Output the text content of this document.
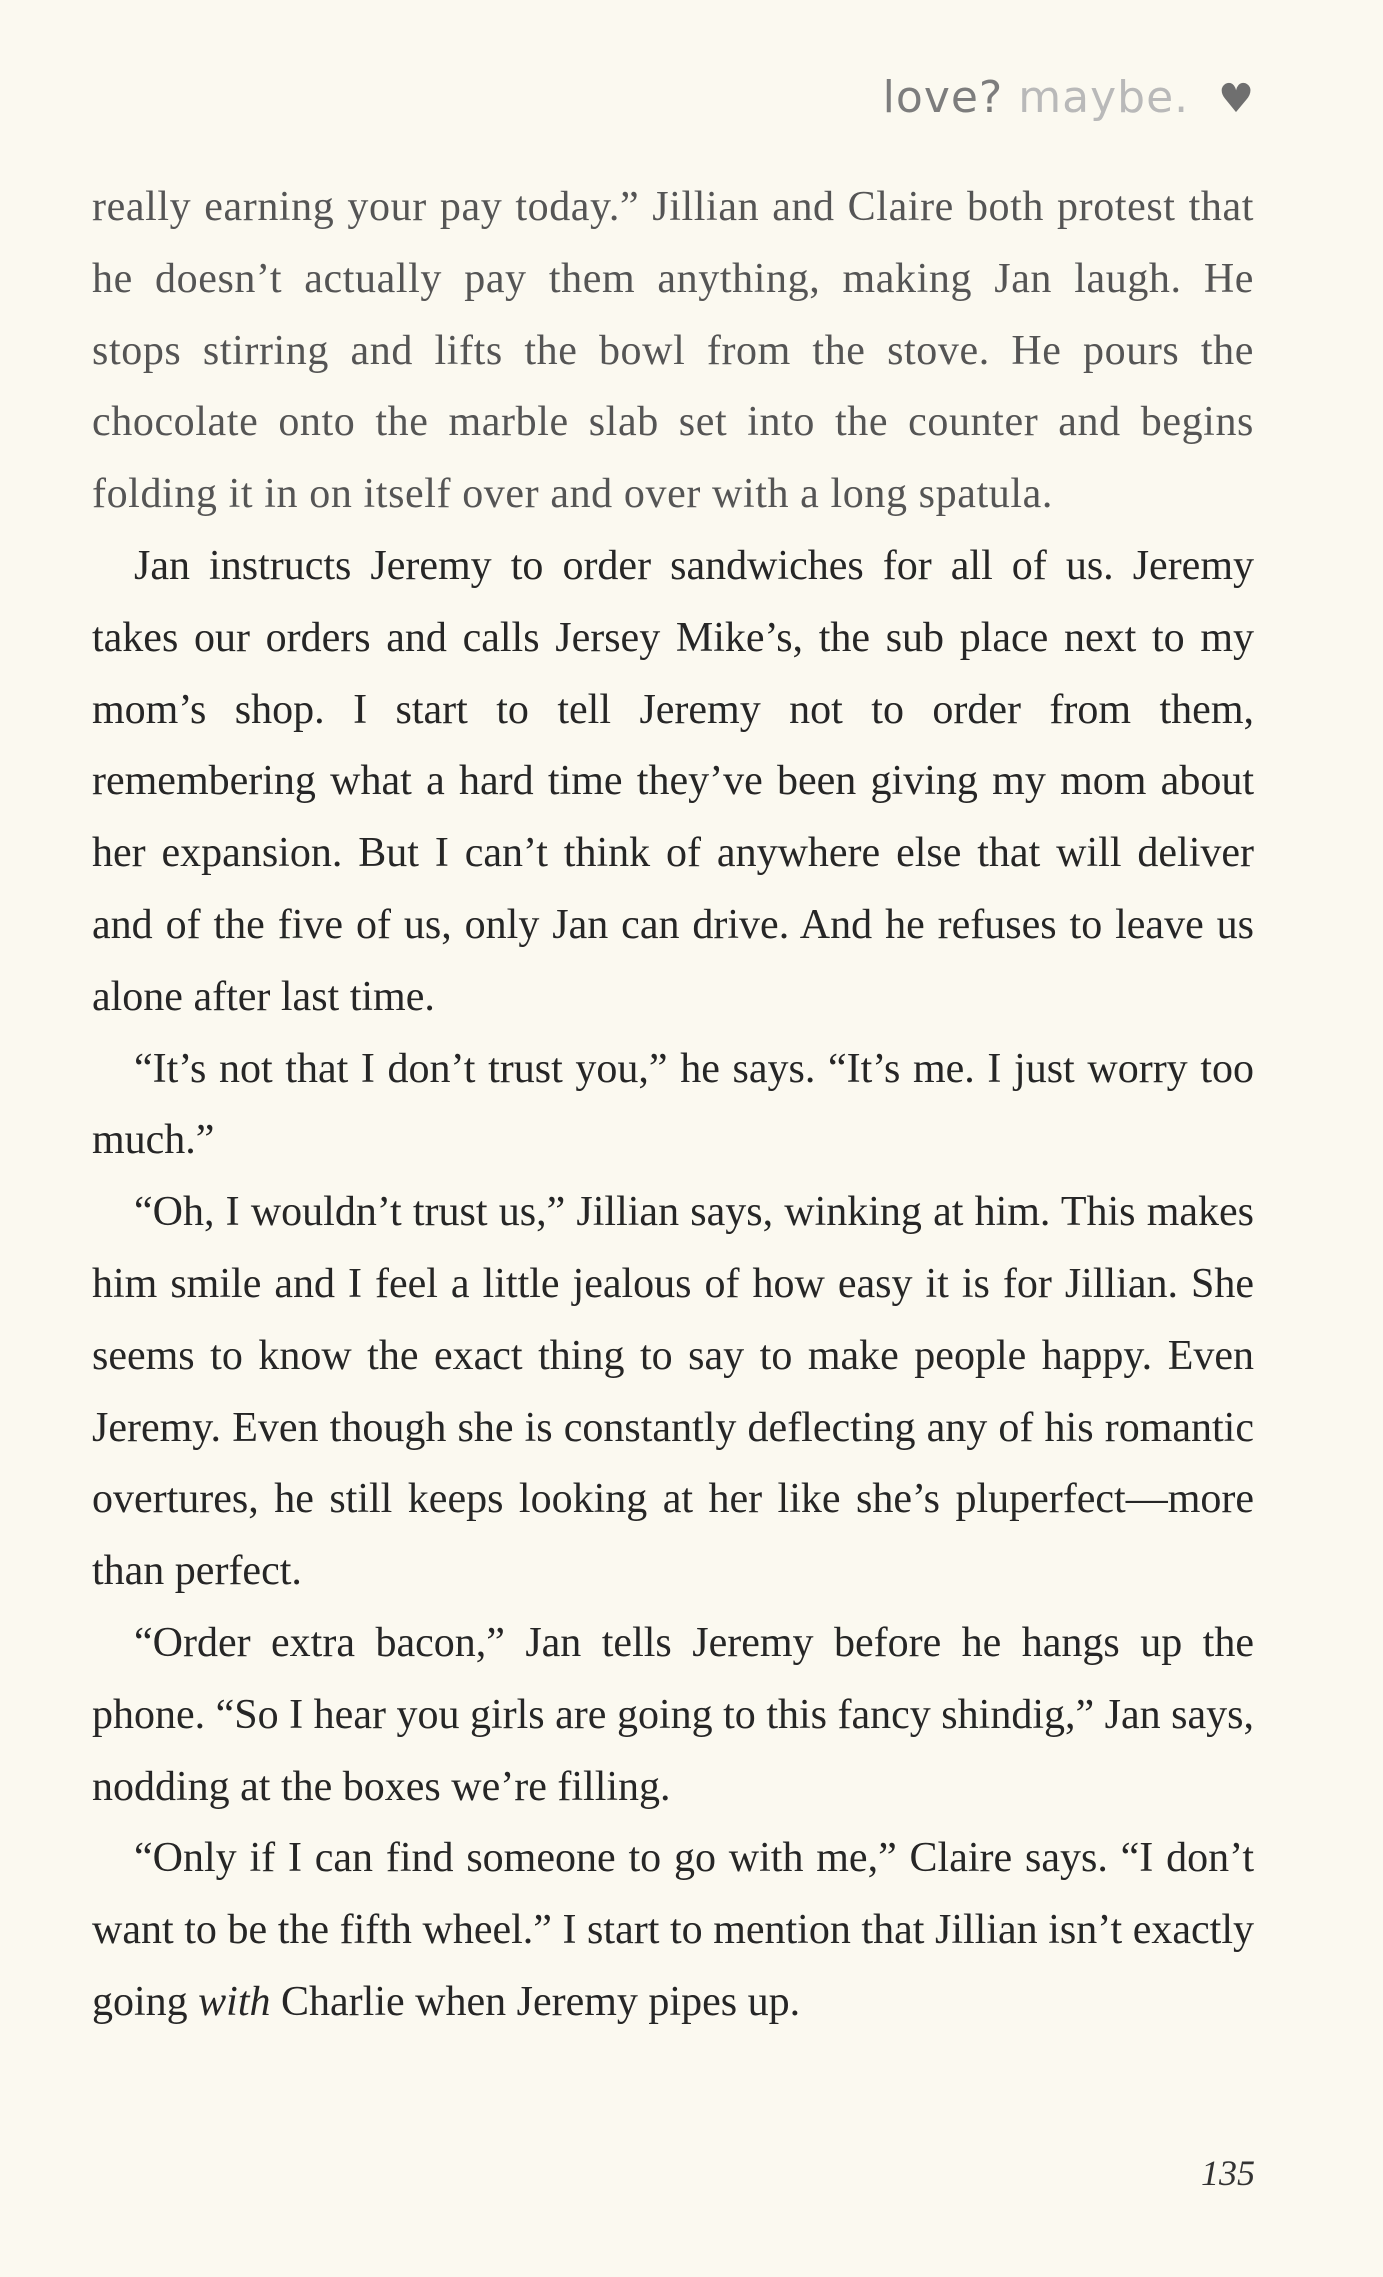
love? maybe. ♥

really earning your pay today.” Jillian and Claire both protest that he doesn’t actually pay them anything, making Jan laugh. He stops stirring and lifts the bowl from the stove. He pours the chocolate onto the marble slab set into the counter and begins folding it in on itself over and over with a long spatula.

Jan instructs Jeremy to order sandwiches for all of us. Jeremy takes our orders and calls Jersey Mike’s, the sub place next to my mom’s shop. I start to tell Jeremy not to order from them, remembering what a hard time they’ve been giving my mom about her expansion. But I can’t think of anywhere else that will deliver and of the five of us, only Jan can drive. And he refuses to leave us alone after last time.

“It’s not that I don’t trust you,” he says. “It’s me. I just worry too much.”

“Oh, I wouldn’t trust us,” Jillian says, winking at him. This makes him smile and I feel a little jealous of how easy it is for Jillian. She seems to know the exact thing to say to make people happy. Even Jeremy. Even though she is constantly deflecting any of his romantic overtures, he still keeps looking at her like she’s pluperfect—more than perfect.

“Order extra bacon,” Jan tells Jeremy before he hangs up the phone. “So I hear you girls are going to this fancy shindig,” Jan says, nodding at the boxes we’re filling.

“Only if I can find someone to go with me,” Claire says. “I don’t want to be the fifth wheel.” I start to mention that Jillian isn’t exactly going with Charlie when Jeremy pipes up.

135
